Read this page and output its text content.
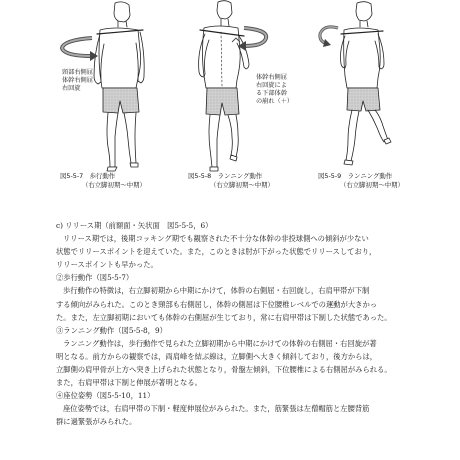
頸部右側屈
体幹右側屈
右回旋
体幹右側屈
右回旋によ
る下部体幹
の崩れ（＋）
図5-5-7　歩行動作
（右立脚初期〜中期）
図5-5-8　ランニング動作
（右立脚初期〜中期）
図5-5-9　ランニング動作
（右立脚初期〜中期）

c) リリース期（前額面・矢状面　図5-5-5，6）

リリース期では，後期コッキング期でも観察された不十分な体幹の非投球側への傾斜が少ない

状態でリリースポイントを迎えていた。また，このときは肘が下がった状態でリリースしており，

リリースポイントも早かった。

②歩行動作（図5-5-7）

歩行動作の特徴は，右立脚初期から中期にかけて，体幹の右側屈・右回旋し，右肩甲帯が下制

する傾向がみられた。このとき頸部も右側屈し，体幹の側屈は下位腰椎レベルでの運動が大きかっ

た。また，左立脚初期においても体幹の右側屈が生じており，常に右肩甲帯は下制した状態であった。

③ランニング動作（図5-5-8，9）

ランニング動作は，歩行動作で見られた立脚初期から中期にかけての体幹の右側屈・右回旋が著

明となる。前方からの観察では，両肩峰を結ぶ線は，立脚側へ大きく傾斜しており，後方からは，

立脚側の肩甲骨が上方へ突き上げられた状態となり，骨盤左傾斜，下位腰椎による右側屈がみられる。

また，右肩甲帯は下制と伸展が著明となる。

④座位姿勢（図5-5-10，11）

座位姿勢では，右肩甲帯の下制・軽度伸展位がみられた。また，筋緊張は左僧帽筋と左腰背筋

群に過緊張がみられた。
